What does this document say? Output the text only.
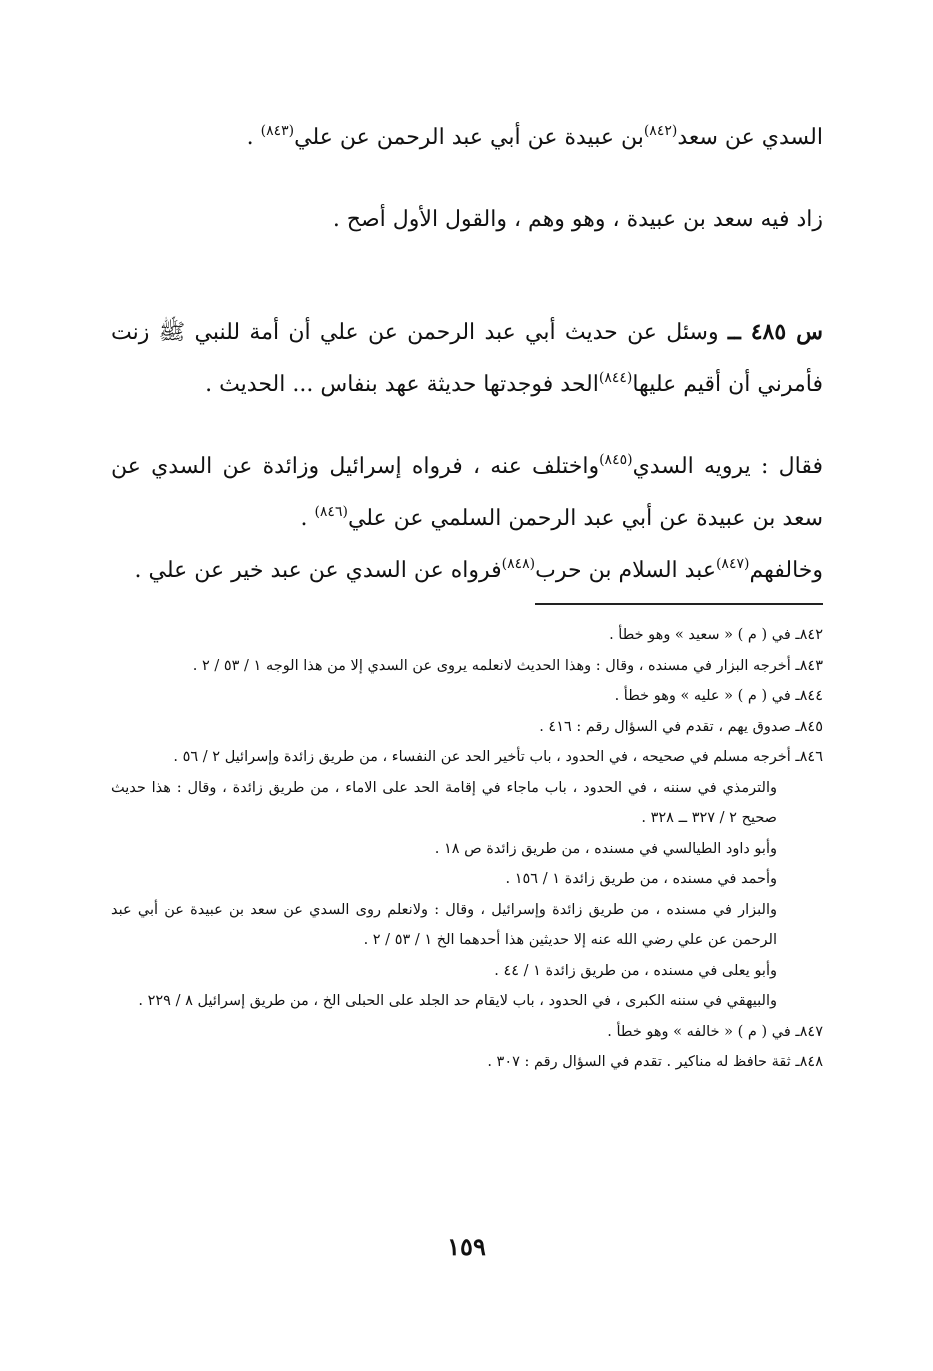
السدي عن سعد$^{(٨٤٢)}$بن عبيدة عن أبي عبد الرحمن عن علي$^{(٨٤٣)}$ .

زاد فيه سعد بن عبيدة ، وهو وهم ، والقول الأول أصح .

س ٤٨٥ ــ وسئل عن حديث أبي عبد الرحمن عن علي أن أمة للنبي ﷺ زنت فأمرني أن أقيم عليها$^{(٨٤٤)}$الحد فوجدتها حديثة عهد بنفاس ... الحديث .

فقال : يرويه السدي$^{(٨٤٥)}$واختلف عنه ، فرواه إسرائيل وزائدة عن السدي عن سعد بن عبيدة عن أبي عبد الرحمن السلمي عن علي$^{(٨٤٦)}$ .

وخالفهم$^{(٨٤٧)}$عبد السلام بن حرب$^{(٨٤٨)}$فرواه عن السدي عن عبد خير عن علي .

٨٤٢ـ في ( م ) « سعيد » وهو خطأ .

٨٤٣ـ أخرجه البزار في مسنده ، وقال : وهذا الحديث لانعلمه يروى عن السدي إلا من هذا الوجه ١ / ٥٣ / ٢ .

٨٤٤ـ في ( م ) « عليه » وهو خطأ .

٨٤٥ـ صدوق يهم ، تقدم في السؤال رقم : ٤١٦ .

٨٤٦ـ أخرجه مسلم في صحيحه ، في الحدود ، باب تأخير الحد عن النفساء ، من طريق زائدة وإسرائيل ٢ / ٥٦ .

والترمذي في سننه ، في الحدود ، باب ماجاء في إقامة الحد على الاماء ، من طريق زائدة ، وقال : هذا حديث صحيح ٢ / ٣٢٧ ــ ٣٢٨ .

وأبو داود الطيالسي في مسنده ، من طريق زائدة ص ١٨ .

وأحمد في مسنده ، من طريق زائدة ١ / ١٥٦ .

والبزار في مسنده ، من طريق زائدة وإسرائيل ، وقال : ولانعلم روى السدي عن سعد بن عبيدة عن أبي عبد الرحمن عن علي رضي الله عنه إلا حديثين هذا أحدهما الخ ١ / ٥٣ / ٢ .

وأبو يعلى في مسنده ، من طريق زائدة ١ / ٤٤ .

والبيهقي في سننه الكبرى ، في الحدود ، باب لايقام حد الجلد على الحبلى الخ ، من طريق إسرائيل ٨ / ٢٢٩ .

٨٤٧ـ في ( م ) « خالفه » وهو خطأ .

٨٤٨ـ ثقة حافظ له مناكير . تقدم في السؤال رقم : ٣٠٧ .

١٥٩
